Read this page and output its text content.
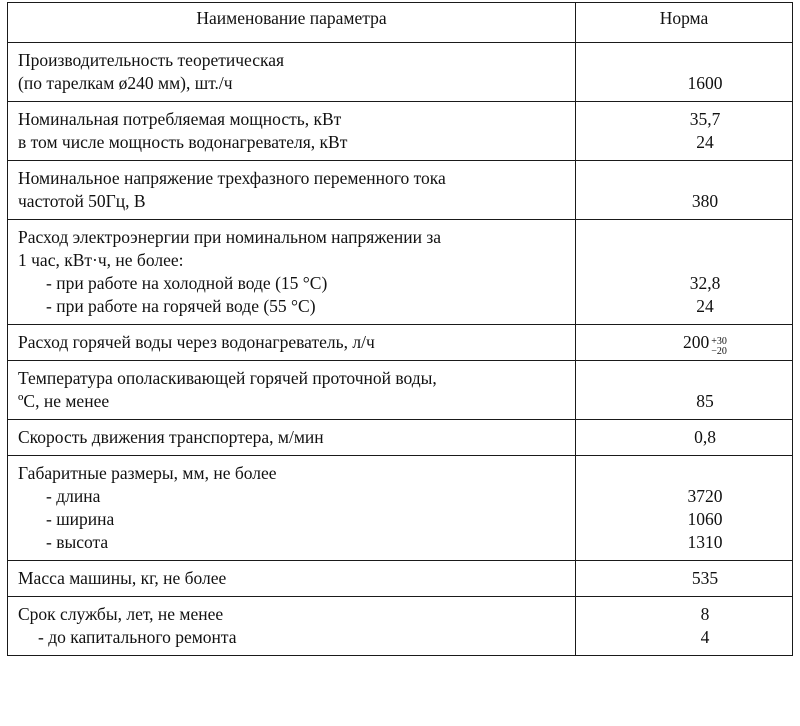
Наименование параметра	Норма

Производительность теоретическая
(по тарелкам ø240 мм), шт./ч	1600

Номинальная потребляемая мощность, кВт
в том числе мощность водонагревателя, кВт	35,7
24

Номинальное напряжение трехфазного переменного тока
частотой 50Гц, В	380

Расход электроэнергии при номинальном напряжении за
1 час, кВт·ч, не более:
- при работе на холодной воде (15 °С)
- при работе на горячей воде (55 °С)	32,8
24

Расход горячей воды через водонагреватель, л/ч	200 +30
−20

Температура ополаскивающей горячей проточной воды,
ºС, не менее	85

Скорость движения транспортера, м/мин	0,8

Габаритные размеры, мм, не более
- длина
- ширина
- высота	3720
1060
1310

Масса машины, кг, не более	535

Срок службы, лет, не менее
- до капитального ремонта	8
4
